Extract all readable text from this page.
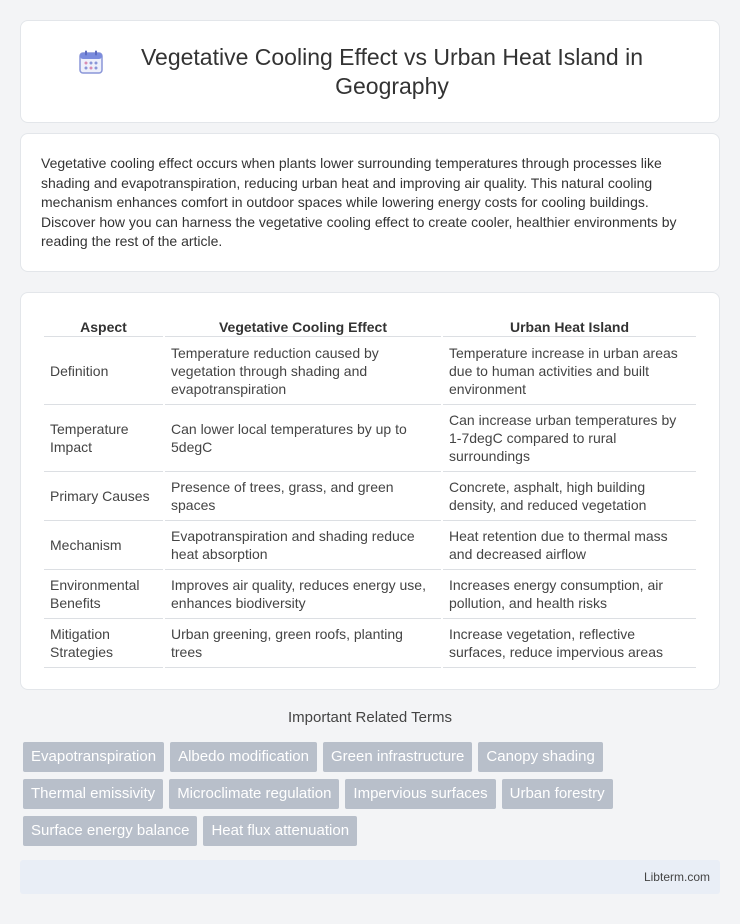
Vegetative Cooling Effect vs Urban Heat Island in Geography

Vegetative cooling effect occurs when plants lower surrounding temperatures through processes like shading and evapotranspiration, reducing urban heat and improving air quality. This natural cooling mechanism enhances comfort in outdoor spaces while lowering energy costs for cooling buildings. Discover how you can harness the vegetative cooling effect to create cooler, healthier environments by reading the rest of the article.

Aspect	Vegetative Cooling Effect	Urban Heat Island
Definition	Temperature reduction caused by vegetation through shading and evapotranspiration	Temperature increase in urban areas due to human activities and built environment
Temperature Impact	Can lower local temperatures by up to 5degC	Can increase urban temperatures by 1-7degC compared to rural surroundings
Primary Causes	Presence of trees, grass, and green spaces	Concrete, asphalt, high building density, and reduced vegetation
Mechanism	Evapotranspiration and shading reduce heat absorption	Heat retention due to thermal mass and decreased airflow
Environmental Benefits	Improves air quality, reduces energy use, enhances biodiversity	Increases energy consumption, air pollution, and health risks
Mitigation Strategies	Urban greening, green roofs, planting trees	Increase vegetation, reflective surfaces, reduce impervious areas
Important Related Terms
Evapotranspiration	Albedo modification	Green infrastructure	Canopy shading
Thermal emissivity	Microclimate regulation	Impervious surfaces	Urban forestry
Surface energy balance	Heat flux attenuation
Libterm.com
